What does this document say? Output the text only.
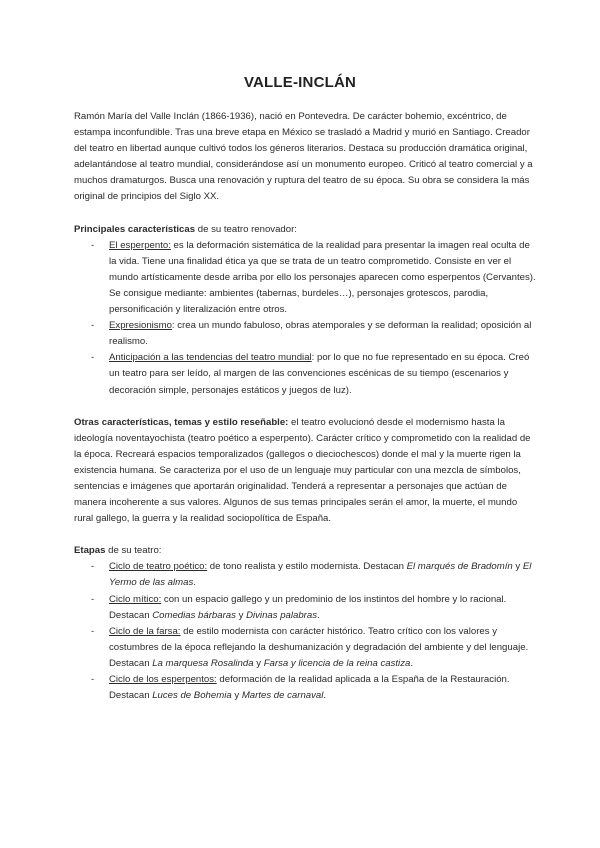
VALLE-INCLÁN

Ramón María del Valle Inclán (1866-1936), nació en Pontevedra. De carácter bohemio, excéntrico, de estampa inconfundible. Tras una breve etapa en México se trasladó a Madrid y murió en Santiago. Creador del teatro en libertad aunque cultivó todos los géneros literarios. Destaca su producción dramática original, adelantándose al teatro mundial, considerándose así un monumento europeo. Criticó al teatro comercial y a muchos dramaturgos. Busca una renovación y ruptura del teatro de su época. Su obra se considera la más original de principios del Siglo XX.

Principales características de su teatro renovador:

- El esperpento: es la deformación sistemática de la realidad para presentar la imagen real oculta de la vida. Tiene una finalidad ética ya que se trata de un teatro comprometido. Consiste en ver el mundo artísticamente desde arriba por ello los personajes aparecen como esperpentos (Cervantes). Se consigue mediante: ambientes (tabernas, burdeles…), personajes grotescos, parodia, personificación y literalización entre otros.
- Expresionismo: crea un mundo fabuloso, obras atemporales y se deforman la realidad; oposición al realismo.
- Anticipación a las tendencias del teatro mundial: por lo que no fue representado en su época. Creó un teatro para ser leído, al margen de las convenciones escénicas de su tiempo (escenarios y decoración simple, personajes estáticos y juegos de luz).

Otras características, temas y estilo reseñable: el teatro evolucionó desde el modernismo hasta la ideología noventayochista (teatro poético a esperpento). Carácter crítico y comprometido con la realidad de la época. Recreará espacios temporalizados (gallegos o dieciochescos) donde el mal y la muerte rigen la existencia humana. Se caracteriza por el uso de un lenguaje muy particular con una mezcla de símbolos, sentencias e imágenes que aportarán originalidad. Tenderá a representar a personajes que actúan de manera incoherente a sus valores. Algunos de sus temas principales serán el amor, la muerte, el mundo rural gallego, la guerra y la realidad sociopolítica de España.

Etapas de su teatro:

- Ciclo de teatro poético: de tono realista y estilo modernista. Destacan El marqués de Bradomín y El Yermo de las almas.
- Ciclo mítico: con un espacio gallego y un predominio de los instintos del hombre y lo racional. Destacan Comedias bárbaras y Divinas palabras.
- Ciclo de la farsa: de estilo modernista con carácter histórico. Teatro crítico con los valores y costumbres de la época reflejando la deshumanización y degradación del ambiente y del lenguaje. Destacan La marquesa Rosalinda y Farsa y licencia de la reina castiza.
- Ciclo de los esperpentos: deformación de la realidad aplicada a la España de la Restauración. Destacan Luces de Bohemia y Martes de carnaval.
